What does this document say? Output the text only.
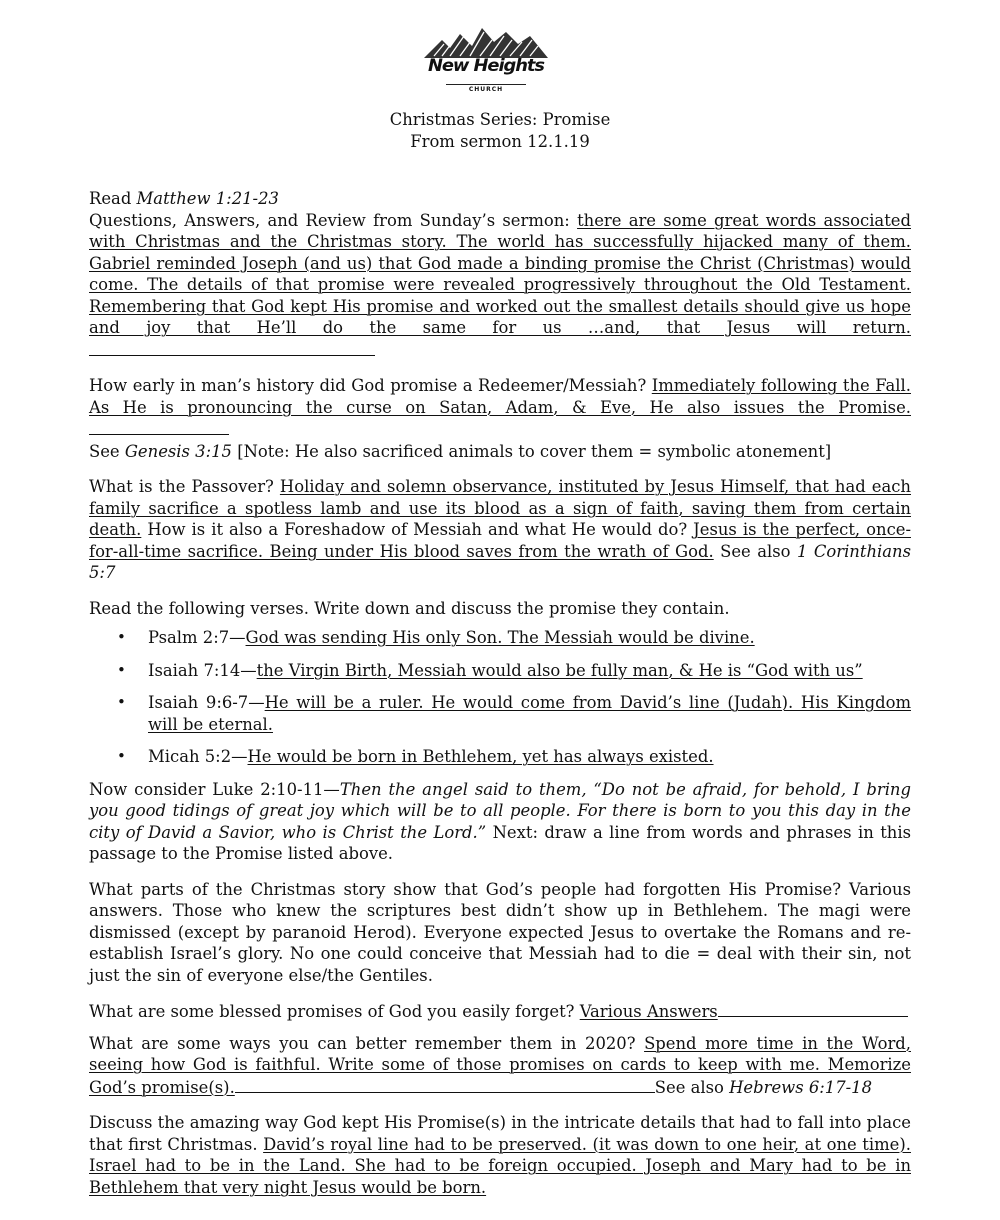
New Heights
CHURCH
Christmas Series: Promise
From sermon 12.1.19

Read Matthew 1:21-23

Questions, Answers, and Review from Sunday’s sermon: there are some great words associated with Christmas and the Christmas story. The world has successfully hijacked many of them. Gabriel reminded Joseph (and us) that God made a binding promise the Christ (Christmas) would come. The details of that promise were revealed progressively throughout the Old Testament. Remembering that God kept His promise and worked out the smallest details should give us hope and joy that He’ll do the same for us …and, that Jesus will return.

How early in man’s history did God promise a Redeemer/Messiah? Immediately following the Fall. As He is pronouncing the curse on Satan, Adam, & Eve, He also issues the Promise.

See Genesis 3:15 [Note: He also sacrificed animals to cover them = symbolic atonement]

What is the Passover? Holiday and solemn observance, instituted by Jesus Himself, that had each family sacrifice a spotless lamb and use its blood as a sign of faith, saving them from certain death. How is it also a Foreshadow of Messiah and what He would do? Jesus is the perfect, once-for-all-time sacrifice. Being under His blood saves from the wrath of God. See also 1 Corinthians 5:7

Read the following verses. Write down and discuss the promise they contain.

• Psalm 2:7—God was sending His only Son. The Messiah would be divine.
• Isaiah 7:14—the Virgin Birth, Messiah would also be fully man, & He is “God with us”
• Isaiah 9:6-7—He will be a ruler. He would come from David’s line (Judah). His Kingdom will be eternal.
• Micah 5:2—He would be born in Bethlehem, yet has always existed.

Now consider Luke 2:10-11—Then the angel said to them, “Do not be afraid, for behold, I bring you good tidings of great joy which will be to all people. For there is born to you this day in the city of David a Savior, who is Christ the Lord.” Next: draw a line from words and phrases in this passage to the Promise listed above.

What parts of the Christmas story show that God’s people had forgotten His Promise? Various answers. Those who knew the scriptures best didn’t show up in Bethlehem. The magi were dismissed (except by paranoid Herod). Everyone expected Jesus to overtake the Romans and re-establish Israel’s glory. No one could conceive that Messiah had to die = deal with their sin, not just the sin of everyone else/the Gentiles.

What are some blessed promises of God you easily forget? Various Answers

What are some ways you can better remember them in 2020? Spend more time in the Word, seeing how God is faithful. Write some of those promises on cards to keep with me. Memorize God’s promise(s).	See also Hebrews 6:17-18

Discuss the amazing way God kept His Promise(s) in the intricate details that had to fall into place that first Christmas. David’s royal line had to be preserved. (it was down to one heir, at one time). Israel had to be in the Land. She had to be foreign occupied. Joseph and Mary had to be in Bethlehem that very night Jesus would be born.
